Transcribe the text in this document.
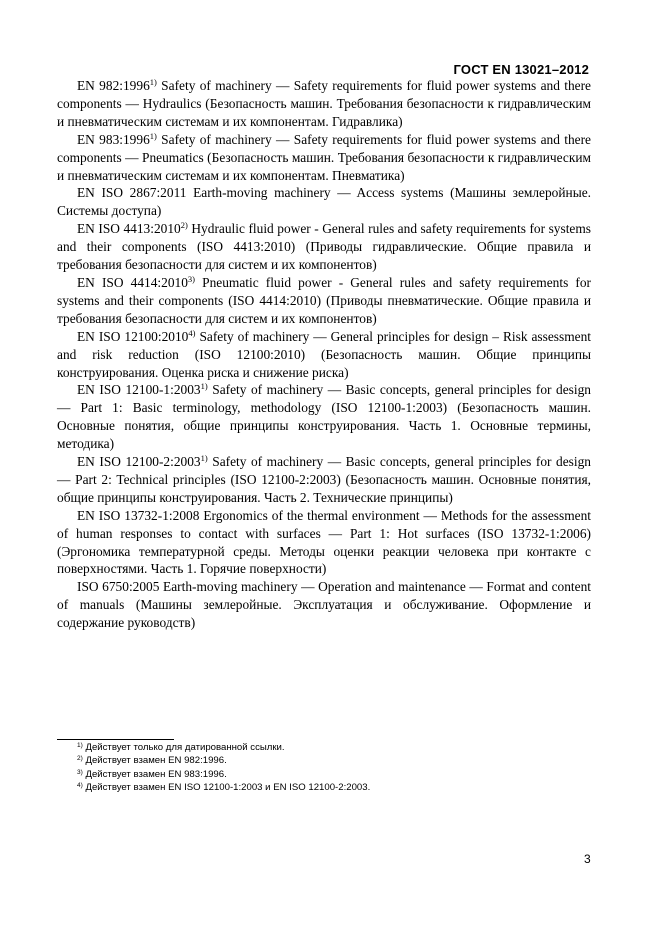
ГОСТ EN 13021–2012

EN 982:1996$^{1)}$ Safety of machinery — Safety requirements for fluid power systems and there components — Hydraulics (Безопасность машин. Требования безопасности к гидравлическим и пневматическим системам и их компонентам. Гидравлика)

EN 983:1996$^{1)}$ Safety of machinery — Safety requirements for fluid power systems and there components — Pneumatics (Безопасность машин. Требования безопасности к гидравлическим и пневматическим системам и их компонентам. Пневматика)

EN ISO 2867:2011 Earth-moving machinery — Access systems (Машины землеройные. Системы доступа)

EN ISO 4413:2010$^{2)}$ Hydraulic fluid power - General rules and safety requirements for systems and their components (ISO 4413:2010) (Приводы гидравлические. Общие правила и требования безопасности для систем и их компонентов)

EN ISO 4414:2010$^{3)}$ Pneumatic fluid power - General rules and safety requirements for systems and their components (ISO 4414:2010) (Приводы пневматические. Общие правила и требования безопасности для систем и их компонентов)

EN ISO 12100:2010$^{4)}$ Safety of machinery — General principles for design – Risk assessment and risk reduction (ISO 12100:2010) (Безопасность машин. Общие принципы конструирования. Оценка риска и снижение риска)

EN ISO 12100-1:2003$^{1)}$ Safety of machinery — Basic concepts, general principles for design — Part 1: Basic terminology, methodology (ISO 12100-1:2003) (Безопасность машин. Основные понятия, общие принципы конструирования. Часть 1. Основные термины, методика)

EN ISO 12100-2:2003$^{1)}$ Safety of machinery — Basic concepts, general principles for design — Part 2: Technical principles (ISO 12100-2:2003) (Безопасность машин. Основные понятия, общие принципы конструирования. Часть 2. Технические принципы)

EN ISO 13732-1:2008 Ergonomics of the thermal environment — Methods for the assessment of human responses to contact with surfaces — Part 1: Hot surfaces (ISO 13732-1:2006) (Эргономика температурной среды. Методы оценки реакции человека при контакте с поверхностями. Часть 1. Горячие поверхности)

ISO 6750:2005 Earth-moving machinery — Operation and maintenance — Format and content of manuals (Машины землеройные. Эксплуатация и обслуживание. Оформление и содержание руководств)

$^{1)}$ Действует только для датированной ссылки.
$^{2)}$ Действует взамен EN 982:1996.
$^{3)}$ Действует взамен EN 983:1996.
$^{4)}$ Действует взамен EN ISO 12100-1:2003 и EN ISO 12100-2:2003.
3
